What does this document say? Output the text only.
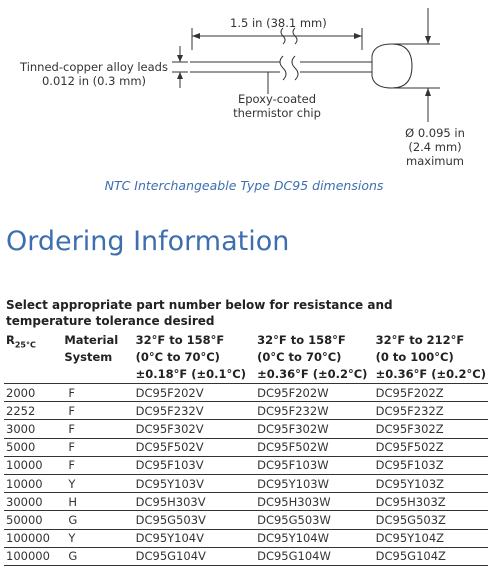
1.5 in (38.1 mm)
Tinned-copper alloy leads
0.012 in (0.3 mm)
Epoxy-coated
thermistor chip
Ø 0.095 in
(2.4 mm)
maximum
NTC Interchangeable Type DC95 dimensions
Ordering Information
Select appropriate part number below for resistance and temperature tolerance desired
$R_{25^\circ C}$	Material
System	32°F to 158°F
(0°C to 70°C)
±0.18°F (±0.1°C)	32°F to 158°F
(0°C to 70°C)
±0.36°F (±0.2°C)	32°F to 212°F
(0 to 100°C)
±0.36°F (±0.2°C)

2000	F	DC95F202V	DC95F202W	DC95F202Z
2252	F	DC95F232V	DC95F232W	DC95F232Z
3000	F	DC95F302V	DC95F302W	DC95F302Z
5000	F	DC95F502V	DC95F502W	DC95F502Z
10000	F	DC95F103V	DC95F103W	DC95F103Z
10000	Y	DC95Y103V	DC95Y103W	DC95Y103Z
30000	H	DC95H303V	DC95H303W	DC95H303Z
50000	G	DC95G503V	DC95G503W	DC95G503Z
100000	Y	DC95Y104V	DC95Y104W	DC95Y104Z
100000	G	DC95G104V	DC95G104W	DC95G104Z
